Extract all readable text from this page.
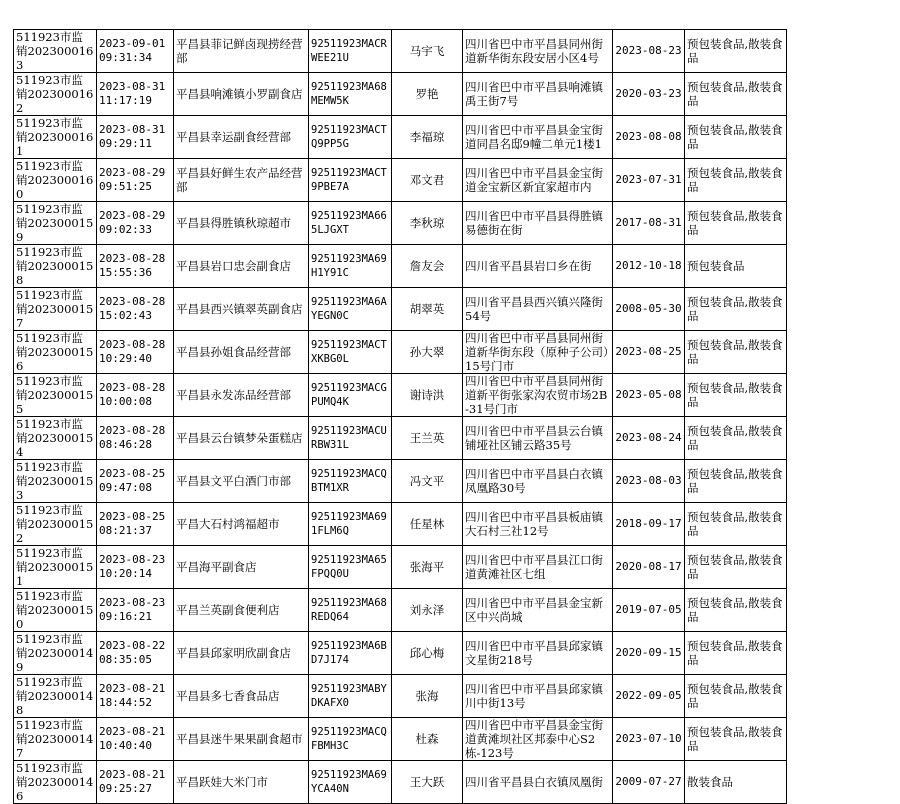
511923市监销2023000163	2023-09-01 09:31:34	平昌县菲记鲜卤现捞经营部	92511923MACRWEE21U	马宇飞	四川省巴中市平昌县同州街道新华街东段安居小区4号	2023-08-23	预包装食品,散装食品
511923市监销2023000162	2023-08-31 11:17:19	平昌县响滩镇小罗副食店	92511923MA68MEMW5K	罗艳	四川省巴中市平昌县响滩镇禹王街7号	2020-03-23	预包装食品,散装食品
511923市监销2023000161	2023-08-31 09:29:11	平昌县幸运副食经营部	92511923MACTQ9PP5G	李福琼	四川省巴中市平昌县金宝街道同昌名邸9幢二单元1楼1	2023-08-08	预包装食品,散装食品
511923市监销2023000160	2023-08-29 09:51:25	平昌县好鲜生农产品经营部	92511923MACT9PBE7A	邓文君	四川省巴中市平昌县金宝街道金宝新区新宜家超市内	2023-07-31	预包装食品,散装食品
511923市监销2023000159	2023-08-29 09:02:33	平昌县得胜镇秋琼超市	92511923MA665LJGXT	李秋琼	四川省巴中市平昌县得胜镇易德街在街	2017-08-31	预包装食品,散装食品
511923市监销2023000158	2023-08-28 15:55:36	平昌县岩口忠会副食店	92511923MA69H1Y91C	詹友会	四川省平昌县岩口乡在街	2012-10-18	预包装食品
511923市监销2023000157	2023-08-28 15:02:43	平昌县西兴镇翠英副食店	92511923MA6AYEGN0C	胡翠英	四川省平昌县西兴镇兴隆街54号	2008-05-30	预包装食品,散装食品
511923市监销2023000156	2023-08-28 10:29:40	平昌县孙姐食品经营部	92511923MACTXKBG0L	孙大翠	四川省巴中市平昌县同州街道新华街东段（原种子公司）15号门市	2023-08-25	预包装食品,散装食品
511923市监销2023000155	2023-08-28 10:00:08	平昌县永发冻品经营部	92511923MACGPUMQ4K	谢诗洪	四川省巴中市平昌县同州街道新平街张家沟农贸市场2B-31号门市	2023-05-08	预包装食品,散装食品
511923市监销2023000154	2023-08-28 08:46:28	平昌县云台镇梦朵蛋糕店	92511923MACURBW31L	王兰英	四川省巴中市平昌县云台镇铺垭社区铺云路35号	2023-08-24	预包装食品,散装食品
511923市监销2023000153	2023-08-25 09:47:08	平昌县文平白酒门市部	92511923MACQBTM1XR	冯文平	四川省巴中市平昌县白衣镇凤凰路30号	2023-08-03	预包装食品,散装食品
511923市监销2023000152	2023-08-25 08:21:37	平昌大石村鸿福超市	92511923MA691FLM6Q	任星林	四川省巴中市平昌县板庙镇大石村三社12号	2018-09-17	预包装食品,散装食品
511923市监销2023000151	2023-08-23 10:20:14	平昌海平副食店	92511923MA65FPQQ0U	张海平	四川省巴中市平昌县江口街道黄滩社区七组	2020-08-17	预包装食品,散装食品
511923市监销2023000150	2023-08-23 09:16:21	平昌兰英副食便利店	92511923MA68REDQ64	刘永泽	四川省巴中市平昌县金宝新区中兴尚城	2019-07-05	预包装食品,散装食品
511923市监销2023000149	2023-08-22 08:35:05	平昌县邱家明欣副食店	92511923MA6BD7J174	邱心梅	四川省巴中市平昌县邱家镇文星街218号	2020-09-15	预包装食品,散装食品
511923市监销2023000148	2023-08-21 18:44:52	平昌县多七香食品店	92511923MABYDKAFX0	张海	四川省巴中市平昌县邱家镇川中街13号	2022-09-05	预包装食品,散装食品
511923市监销2023000147	2023-08-21 10:40:40	平昌县迷牛果果副食超市	92511923MACQFBMH3C	杜森	四川省巴中市平昌县金宝街道黄滩坝社区邦泰中心S2栋-123号	2023-07-10	预包装食品,散装食品
511923市监销2023000146	2023-08-21 09:25:27	平昌跃娃大米门市	92511923MA69YCA40N	王大跃	四川省平昌县白衣镇凤凰街	2009-07-27	散装食品
